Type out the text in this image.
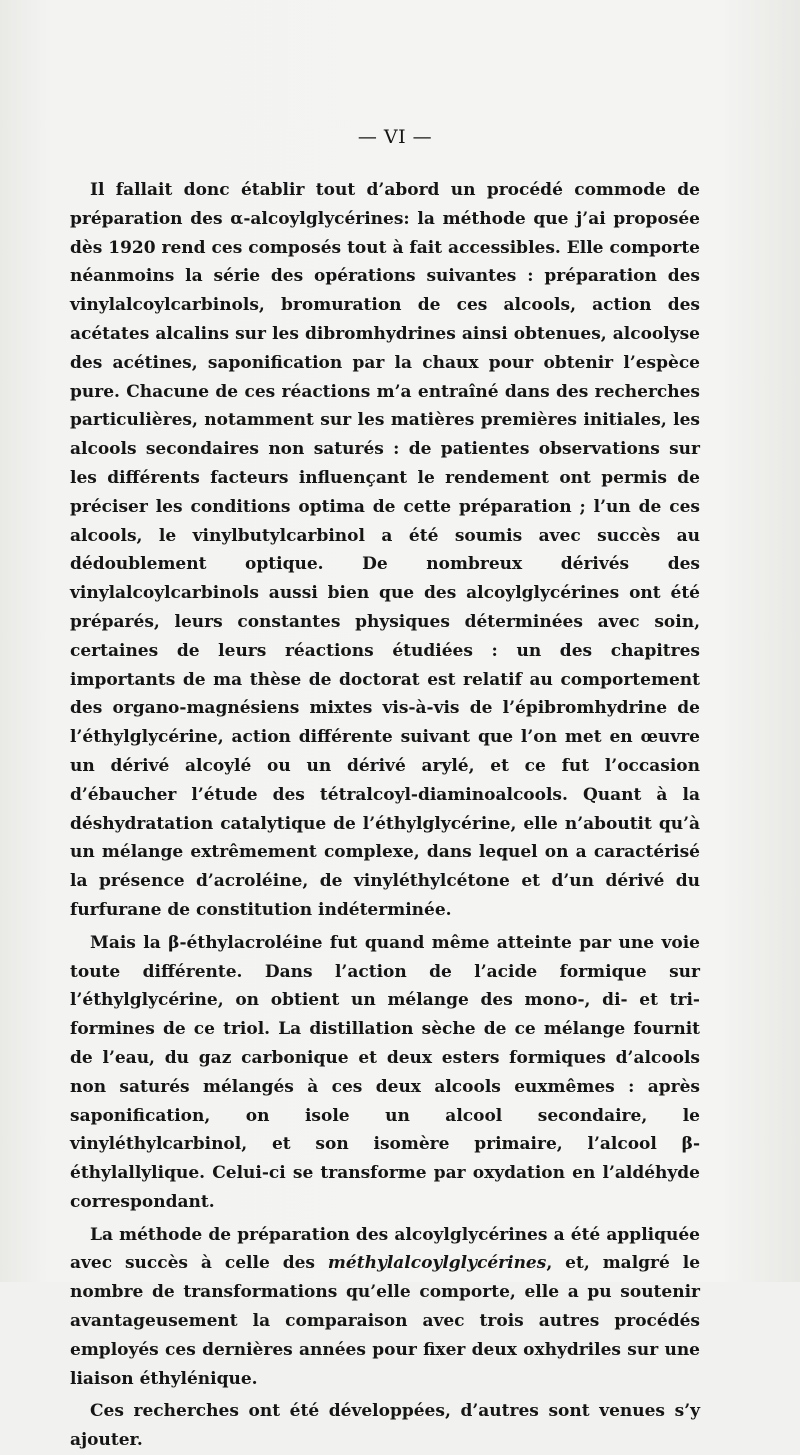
— VI —

Il fallait donc établir tout d’abord un procédé commode de préparation des α-alcoylglycérines: la méthode que j’ai proposée dès 1920 rend ces composés tout à fait accessibles. Elle comporte néanmoins la série des opérations suivantes : préparation des vinylalcoylcarbinols, bromuration de ces alcools, action des acétates alcalins sur les dibromhydrines ainsi obtenues, alcoolyse des acétines, saponification par la chaux pour obtenir l’espèce pure. Chacune de ces réactions m’a entraîné dans des recherches particulières, notamment sur les matières premières initiales, les alcools secondaires non saturés : de patientes observations sur les différents facteurs influençant le rendement ont permis de préciser les conditions optima de cette préparation ; l’un de ces alcools, le vinylbutylcarbinol a été soumis avec succès au dédoublement optique. De nombreux dérivés des vinylalcoylcarbinols aussi bien que des alcoylglycérines ont été préparés, leurs constantes physiques déterminées avec soin, certaines de leurs réactions étudiées : un des chapitres importants de ma thèse de doctorat est relatif au comportement des organo-magnésiens mixtes vis-à-vis de l’épibromhydrine de l’éthylglycérine, action différente suivant que l’on met en œuvre un dérivé alcoylé ou un dérivé arylé, et ce fut l’occasion d’ébaucher l’étude des tétralcoyl-diaminoalcools. Quant à la déshydratation catalytique de l’éthylglycérine, elle n’aboutit qu’à un mélange extrêmement complexe, dans lequel on a caractérisé la présence d’acroléine, de vinyléthylcétone et d’un dérivé du furfurane de constitution indéterminée.

Mais la β-éthylacroléine fut quand même atteinte par une voie toute différente. Dans l’action de l’acide formique sur l’éthylglycérine, on obtient un mélange des mono-, di- et tri-formines de ce triol. La distillation sèche de ce mélange fournit de l’eau, du gaz carbonique et deux esters formiques d’alcools non saturés mélangés à ces deux alcools euxmêmes : après saponification, on isole un alcool secondaire, le vinyléthylcarbinol, et son isomère primaire, l’alcool β-éthylallylique. Celui-ci se transforme par oxydation en l’aldéhyde correspondant.

La méthode de préparation des alcoylglycérines a été appliquée avec succès à celle des méthylalcoylglycérines, et, malgré le nombre de transformations qu’elle comporte, elle a pu soutenir avantageusement la comparaison avec trois autres procédés employés ces dernières années pour fixer deux oxhydriles sur une liaison éthylénique.

Ces recherches ont été développées, d’autres sont venues s’y ajouter.
